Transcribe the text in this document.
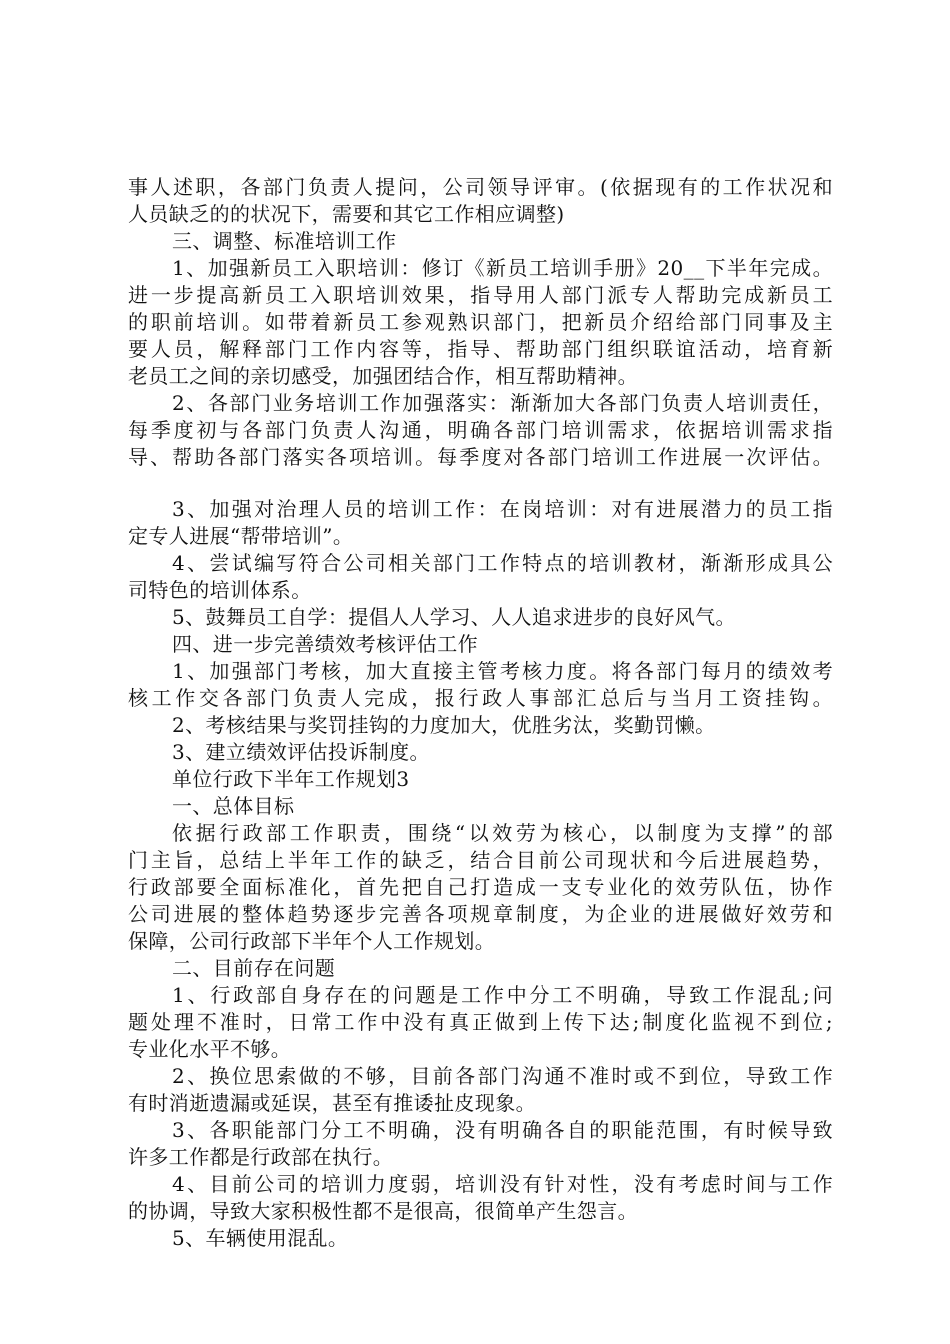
事人述职，各部门负责人提问，公司领导评审。(依据现有的工作状况和
人员缺乏的的状况下，需要和其它工作相应调整)
三、调整、标准培训工作
1、加强新员工入职培训：修订《新员工培训手册》20__下半年完成。
进一步提高新员工入职培训效果，指导用人部门派专人帮助完成新员工
的职前培训。如带着新员工参观熟识部门，把新员介绍给部门同事及主
要人员，解释部门工作内容等，指导、帮助部门组织联谊活动，培育新
老员工之间的亲切感受，加强团结合作，相互帮助精神。
2、各部门业务培训工作加强落实：渐渐加大各部门负责人培训责任，
每季度初与各部门负责人沟通，明确各部门培训需求，依据培训需求指
导、帮助各部门落实各项培训。每季度对各部门培训工作进展一次评估。
3、加强对治理人员的培训工作：在岗培训：对有进展潜力的员工指
定专人进展“帮带培训”。
4、尝试编写符合公司相关部门工作特点的培训教材，渐渐形成具公
司特色的培训体系。
5、鼓舞员工自学：提倡人人学习、人人追求进步的良好风气。
四、进一步完善绩效考核评估工作
1、加强部门考核，加大直接主管考核力度。将各部门每月的绩效考
核工作交各部门负责人完成，报行政人事部汇总后与当月工资挂钩。
2、考核结果与奖罚挂钩的力度加大，优胜劣汰，奖勤罚懒。
3、建立绩效评估投诉制度。
单位行政下半年工作规划3
一、总体目标
依据行政部工作职责，围绕“以效劳为核心，以制度为支撑”的部
门主旨，总结上半年工作的缺乏，结合目前公司现状和今后进展趋势，
行政部要全面标准化，首先把自己打造成一支专业化的效劳队伍，协作
公司进展的整体趋势逐步完善各项规章制度，为企业的进展做好效劳和
保障，公司行政部下半年个人工作规划。
二、目前存在问题
1、行政部自身存在的问题是工作中分工不明确，导致工作混乱;问
题处理不准时，日常工作中没有真正做到上传下达;制度化监视不到位;
专业化水平不够。
2、换位思索做的不够，目前各部门沟通不准时或不到位，导致工作
有时消逝遗漏或延误，甚至有推诿扯皮现象。
3、各职能部门分工不明确，没有明确各自的职能范围，有时候导致
许多工作都是行政部在执行。
4、目前公司的培训力度弱，培训没有针对性，没有考虑时间与工作
的协调，导致大家积极性都不是很高，很简单产生怨言。
5、车辆使用混乱。
